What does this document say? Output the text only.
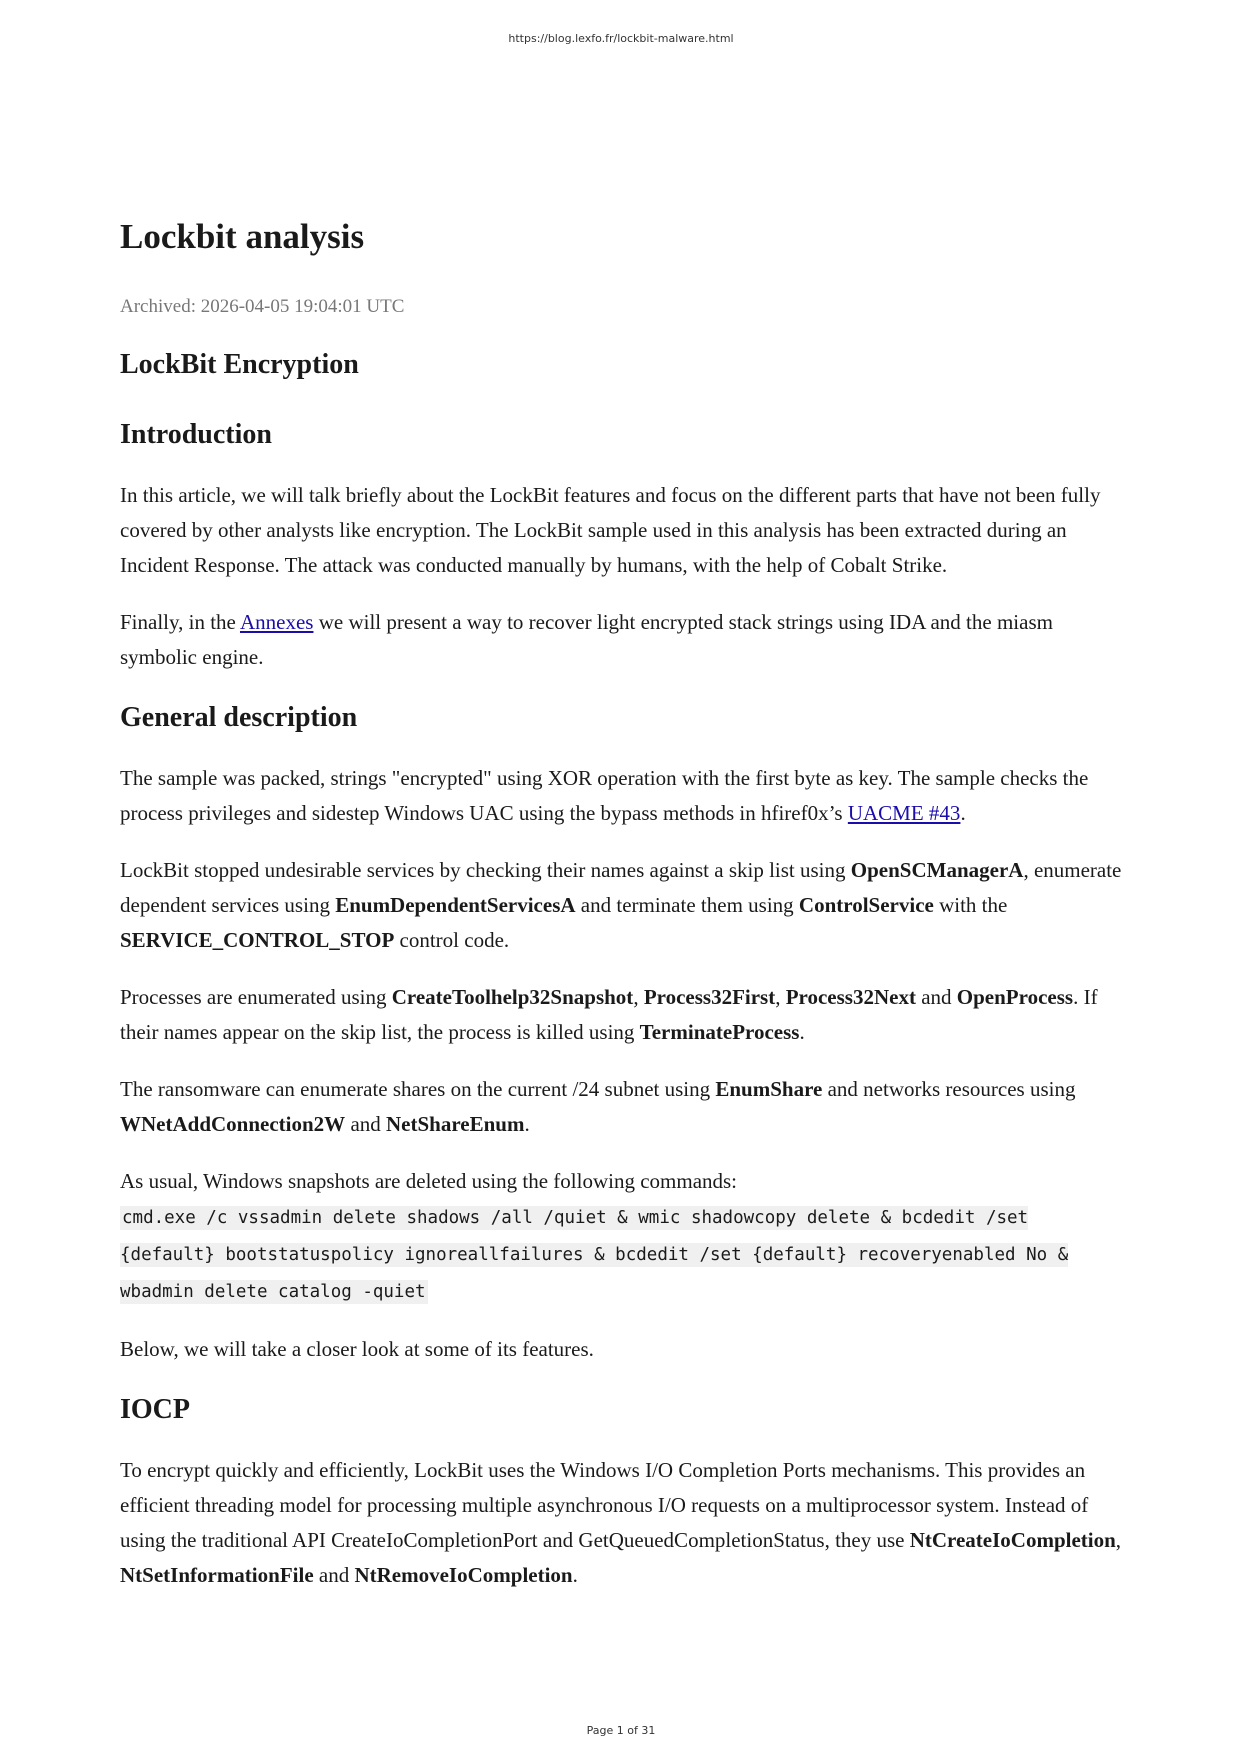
https://blog.lexfo.fr/lockbit-malware.html
Lockbit analysis
Archived: 2026-04-05 19:04:01 UTC
LockBit Encryption
Introduction

In this article, we will talk briefly about the LockBit features and focus on the different parts that have not been fully covered by other analysts like encryption. The LockBit sample used in this analysis has been extracted during an Incident Response. The attack was conducted manually by humans, with the help of Cobalt Strike.

Finally, in the Annexes we will present a way to recover light encrypted stack strings using IDA and the miasm symbolic engine.

General description

The sample was packed, strings "encrypted" using XOR operation with the first byte as key. The sample checks the process privileges and sidestep Windows UAC using the bypass methods in hfiref0x’s UACME #43.

LockBit stopped undesirable services by checking their names against a skip list using OpenSCManagerA, enumerate dependent services using EnumDependentServicesA and terminate them using ControlService with the SERVICE_CONTROL_STOP control code.

Processes are enumerated using CreateToolhelp32Snapshot, Process32First, Process32Next and OpenProcess. If their names appear on the skip list, the process is killed using TerminateProcess.

The ransomware can enumerate shares on the current /24 subnet using EnumShare and networks resources using WNetAddConnection2W and NetShareEnum.

As usual, Windows snapshots are deleted using the following commands:
cmd.exe /c vssadmin delete shadows /all /quiet & wmic shadowcopy delete & bcdedit /set {default} bootstatuspolicy ignoreallfailures & bcdedit /set {default} recoveryenabled No & wbadmin delete catalog -quiet

Below, we will take a closer look at some of its features.

IOCP

To encrypt quickly and efficiently, LockBit uses the Windows I/O Completion Ports mechanisms. This provides an efficient threading model for processing multiple asynchronous I/O requests on a multiprocessor system. Instead of using the traditional API CreateIoCompletionPort and GetQueuedCompletionStatus, they use NtCreateIoCompletion, NtSetInformationFile and NtRemoveIoCompletion.

Page 1 of 31
